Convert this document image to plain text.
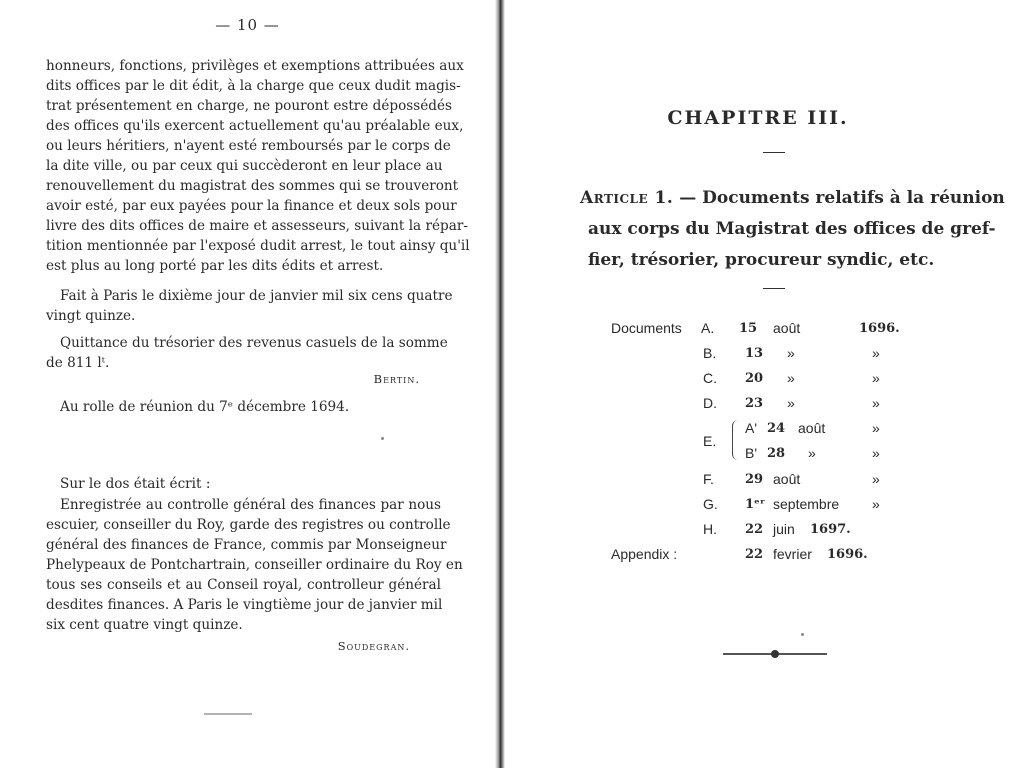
— 10 —
honneurs, fonctions, privilèges et exemptions attribuées aux
dits offices par le dit édit, à la charge que ceux dudit magis-
trat présentement en charge, ne pouront estre dépossédés
des offices qu'ils exercent actuellement qu'au préalable eux,
ou leurs héritiers, n'ayent esté remboursés par le corps de
la dite ville, ou par ceux qui succèderont en leur place au
renouvellement du magistrat des sommes qui se trouveront
avoir esté, par eux payées pour la finance et deux sols pour
livre des dits offices de maire et assesseurs, suivant la répar-
tition mentionnée par l'exposé dudit arrest, le tout ainsy qu'il
est plus au long porté par les dits édits et arrest.
Fait à Paris le dixième jour de janvier mil six cens quatre
vingt quinze.
Quittance du trésorier des revenus casuels de la somme
de 811 lᵗ.
Bertin.
Au rolle de réunion du 7ᵉ décembre 1694.
Sur le dos était écrit :
Enregistrée au controlle général des finances par nous
escuier, conseiller du Roy, garde des registres ou controlle
général des finances de France, commis par Monseigneur
Phelypeaux de Pontchartrain, conseiller ordinaire du Roy en
tous ses conseils et au Conseil royal, controlleur général
desdites finances. A Paris le vingtième jour de janvier mil
six cent quatre vingt quinze.
Soudegran.
CHAPITRE III.
Article 1. — Documents relatifs à la réunion
aux corps du Magistrat des offices de gref-
fier, trésorier, procureur syndic, etc.
Documents A. 15 août	1696.
B. 13 »	»
C. 20 »	»
D. 23 »	»
E.
A' 24 août	»
B' 28 »	»
F. 29 août	»
G. 1ᵉʳ septembre »
H. 22 juin 1697.
Appendix :	22 fevrier 1696.
